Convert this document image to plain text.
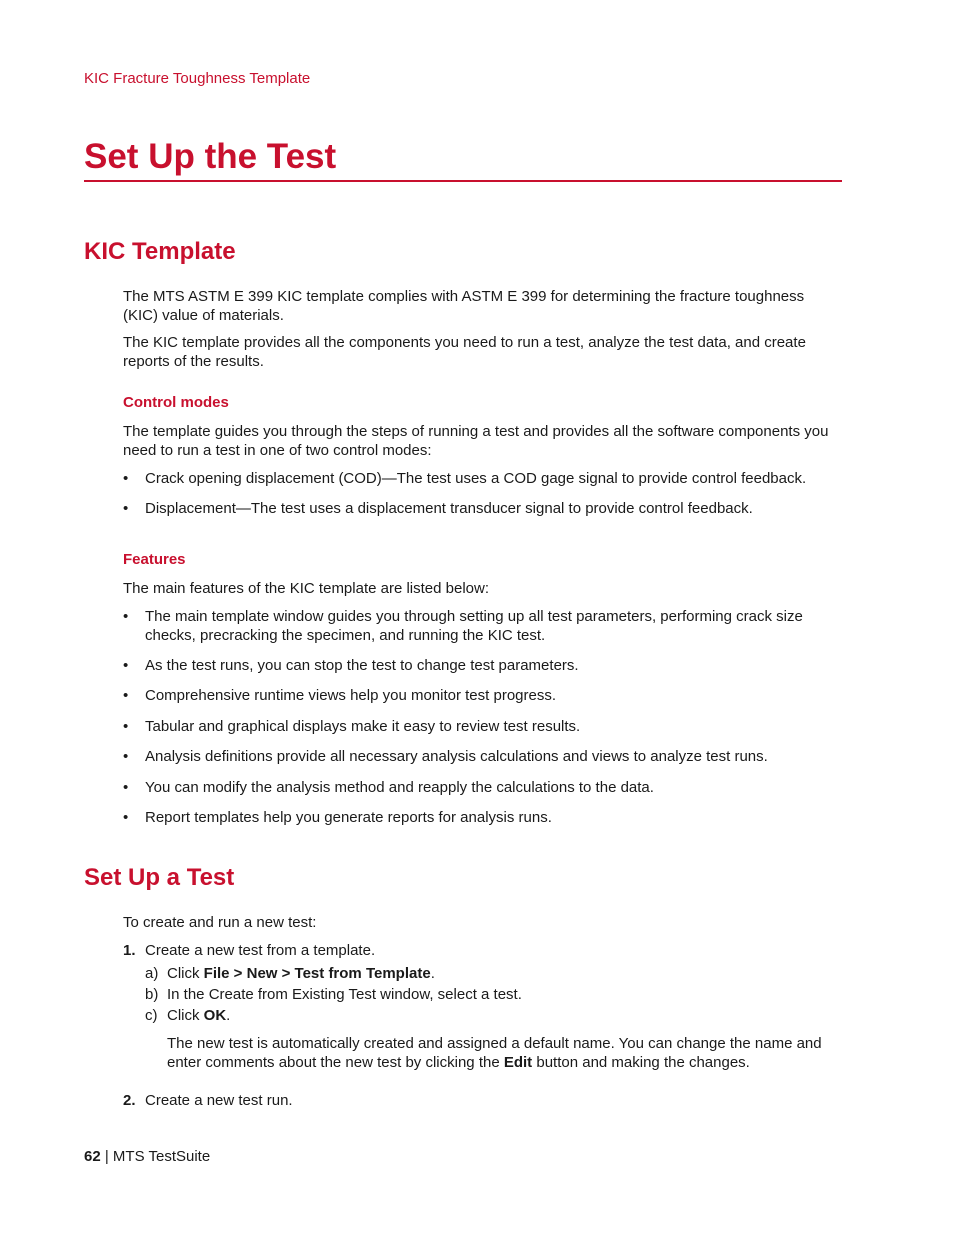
KIC Fracture Toughness Template
Set Up the Test
KIC Template
The MTS ASTM E 399 KIC template complies with ASTM E 399 for determining the fracture toughness (KIC) value of materials.
The KIC template provides all the components you need to run a test, analyze the test data, and create reports of the results.
Control modes
The template guides you through the steps of running a test and provides all the software components you need to run a test in one of two control modes:
• Crack opening displacement (COD)—The test uses a COD gage signal to provide control feedback.
• Displacement—The test uses a displacement transducer signal to provide control feedback.
Features
The main features of the KIC template are listed below:
• The main template window guides you through setting up all test parameters, performing crack size checks, precracking the specimen, and running the KIC test.
• As the test runs, you can stop the test to change test parameters.
• Comprehensive runtime views help you monitor test progress.
• Tabular and graphical displays make it easy to review test results.
• Analysis definitions provide all necessary analysis calculations and views to analyze test runs.
• You can modify the analysis method and reapply the calculations to the data.
• Report templates help you generate reports for analysis runs.
Set Up a Test
To create and run a new test:
1. Create a new test from a template.
a) Click File > New > Test from Template.
b) In the Create from Existing Test window, select a test.
c) Click OK.
The new test is automatically created and assigned a default name. You can change the name and enter comments about the new test by clicking the Edit button and making the changes.
2. Create a new test run.
62 | MTS TestSuite
